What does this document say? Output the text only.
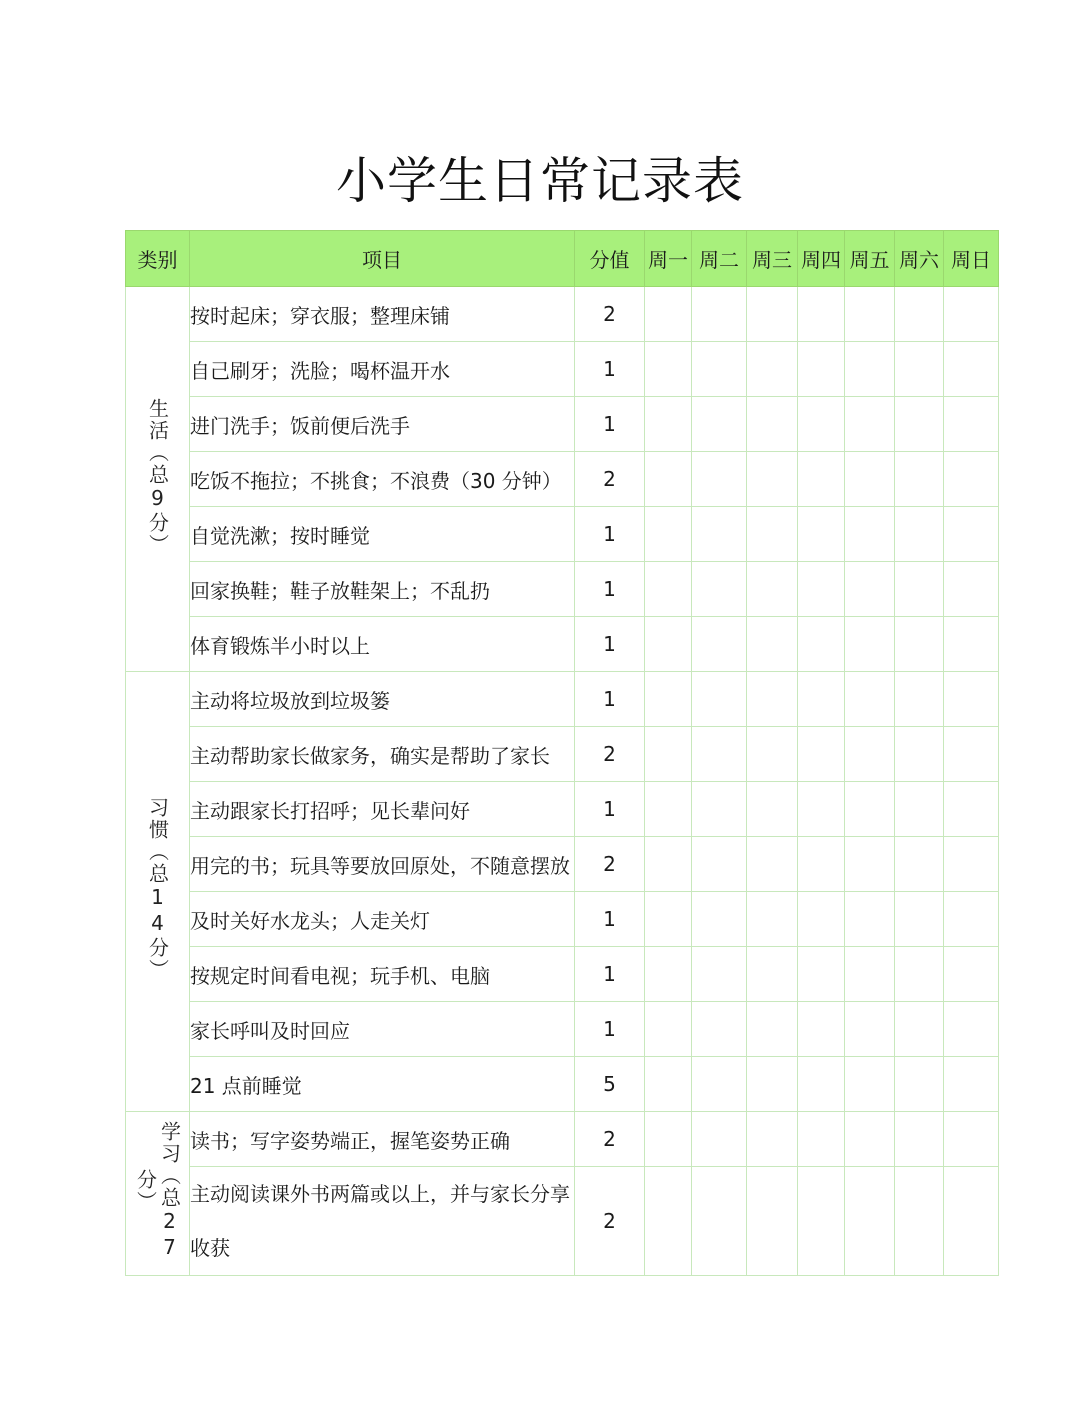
小学生日常记录表
类别	项目	分值	周一	周二	周三	周四	周五	周六	周日
生活（总9分）	按时起床；穿衣服；整理床铺	2							
	自己刷牙；洗脸；喝杯温开水	1							
	进门洗手；饭前便后洗手	1							
	吃饭不拖拉；不挑食；不浪费（30 分钟）	2							
	自觉洗漱；按时睡觉	1							
	回家换鞋；鞋子放鞋架上；不乱扔	1							
	体育锻炼半小时以上	1							
习惯（总14分）	主动将垃圾放到垃圾篓	1							
	主动帮助家长做家务，确实是帮助了家长	2							
	主动跟家长打招呼；见长辈问好	1							
	用完的书；玩具等要放回原处，不随意摆放	2							
	及时关好水龙头；人走关灯	1							
	按规定时间看电视；玩手机、电脑	1							
	家长呼叫及时回应	1							
	21 点前睡觉	5							
学习（总27分）	读书；写字姿势端正，握笔姿势正确	2							
	主动阅读课外书两篇或以上，并与家长分享收获	2							
